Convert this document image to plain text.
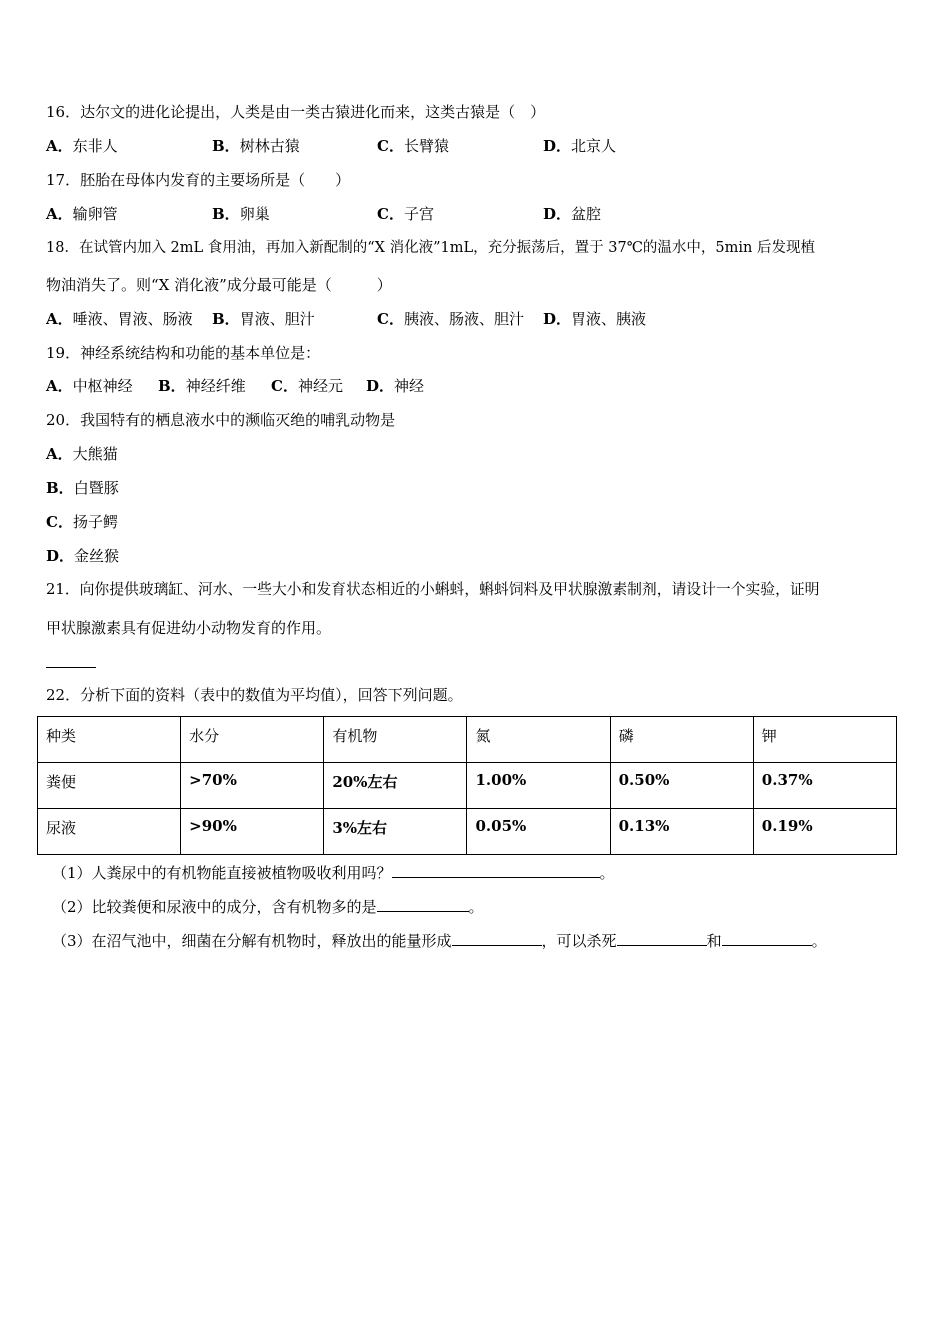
16．达尔文的进化论提出，人类是由一类古猿进化而来，这类古猿是（　）
A．东非人	B．树林古猿	C．长臂猿	D．北京人
17．胚胎在母体内发育的主要场所是（　　）
A．输卵管	B．卵巢	C．子宫	D．盆腔
18．在试管内加入 2mL 食用油，再加入新配制的“X 消化液”1mL，充分振荡后，置于 37℃的温水中，5min 后发现植
物油消失了。则“X 消化液”成分最可能是（　　　）
A．唾液、胃液、肠液 B．胃液、胆汁	C．胰液、肠液、胆汁 D．胃液、胰液
19．神经系统结构和功能的基本单位是：
A．中枢神经 B．神经纤维 C．神经元 D．神经
20．我国特有的栖息液水中的濒临灭绝的哺乳动物是
A．大熊猫
B．白暨豚
C．扬子鳄
D．金丝猴
21．向你提供玻璃缸、河水、一些大小和发育状态相近的小蝌蚪，蝌蚪饲料及甲状腺激素制剂，请设计一个实验，证明
甲状腺激素具有促进幼小动物发育的作用。
22．分析下面的资料（表中的数值为平均值），回答下列问题。
种类	水分	有机物	氮	磷	钾
粪便	>70%	20%左右	1.00%	0.50%	0.37%
尿液	>90%	3%左右	0.05%	0.13%	0.19%
（1）人粪尿中的有机物能直接被植物吸收利用吗？	。
（2）比较粪便和尿液中的成分，含有机物多的是	。
（3）在沼气池中，细菌在分解有机物时，释放出的能量形成	，可以杀死	和	。
